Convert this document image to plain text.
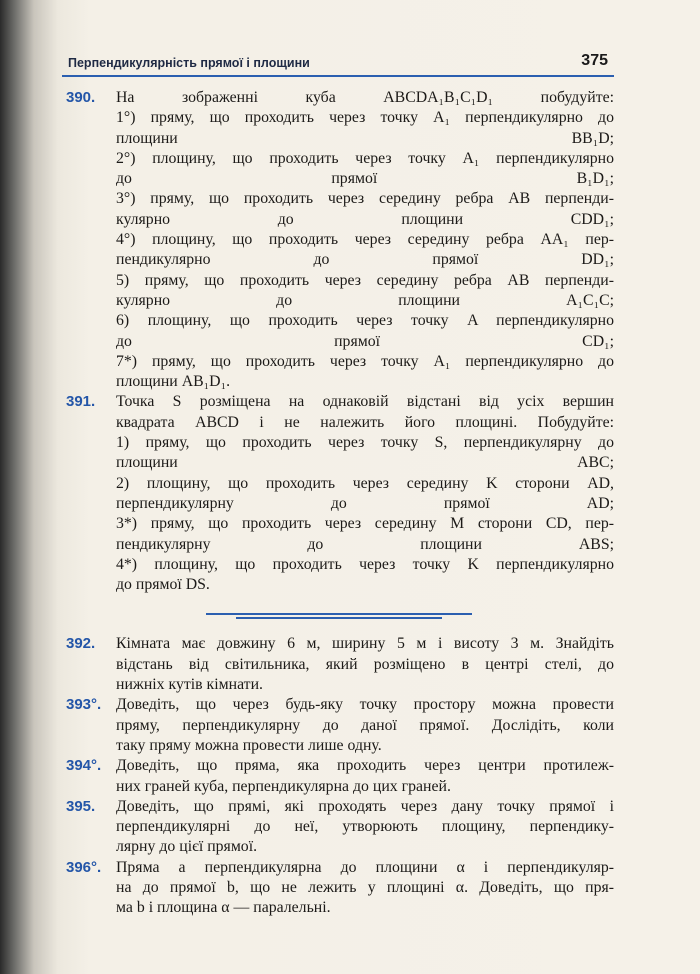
Перпендикулярність прямої і площини	375
390. На зображенні куба ABCDA₁B₁C₁D₁ побудуйте:
1°) пряму, що проходить через точку A₁ перпендикулярно до
площини BB₁D;
2°) площину, що проходить через точку A₁ перпендикулярно
до прямої B₁D₁;
3°) пряму, що проходить через середину ребра AB перпенди-
кулярно до площини CDD₁;
4°) площину, що проходить через середину ребра AA₁ пер-
пендикулярно до прямої DD₁;
5) пряму, що проходить через середину ребра AB перпенди-
кулярно до площини A₁C₁C;
6) площину, що проходить через точку A перпендикулярно
до прямої CD₁;
7*) пряму, що проходить через точку A₁ перпендикулярно до
площини AB₁D₁.
391. Точка S розміщена на однаковій відстані від усіх вершин
квадрата ABCD і не належить його площині. Побудуйте:
1) пряму, що проходить через точку S, перпендикулярну до
площини ABC;
2) площину, що проходить через середину K сторони AD,
перпендикулярну до прямої AD;
3*) пряму, що проходить через середину M сторони CD, пер-
пендикулярну до площини ABS;
4*) площину, що проходить через точку K перпендикулярно
до прямої DS.
392. Кімната має довжину 6 м, ширину 5 м і висоту 3 м. Знайдіть
відстань від світильника, який розміщено в центрі стелі, до
нижніх кутів кімнати.
393°. Доведіть, що через будь-яку точку простору можна провести
пряму, перпендикулярну до даної прямої. Дослідіть, коли
таку пряму можна провести лише одну.
394°. Доведіть, що пряма, яка проходить через центри протилеж-
них граней куба, перпендикулярна до цих граней.
395. Доведіть, що прямі, які проходять через дану точку прямої і
перпендикулярні до неї, утворюють площину, перпендику-
лярну до цієї прямої.
396°. Пряма a перпендикулярна до площини α і перпендикуляр-
на до прямої b, що не лежить у площині α. Доведіть, що пря-
ма b і площина α — паралельні.
